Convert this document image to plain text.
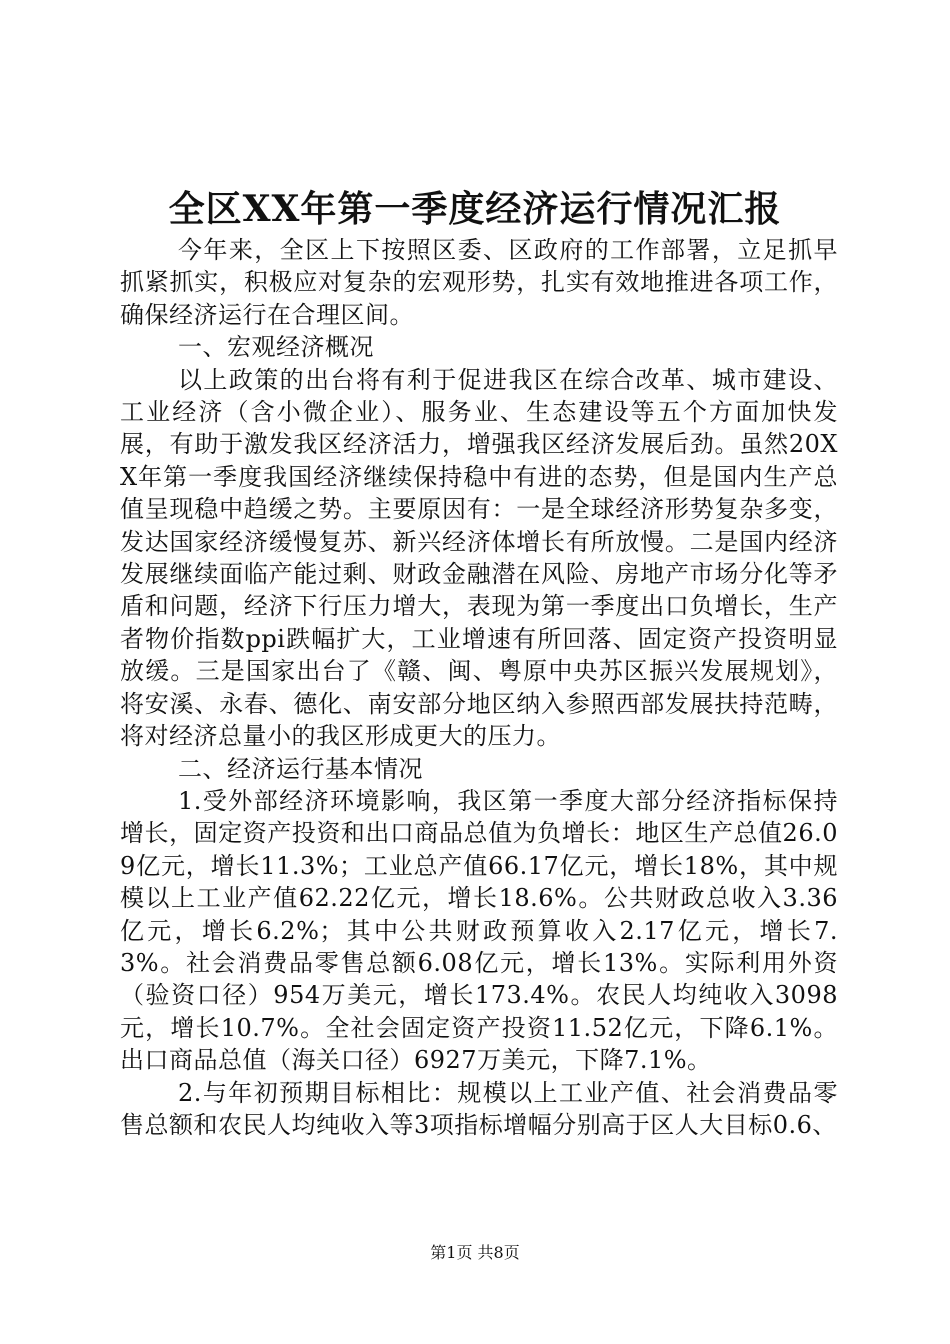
全区XX年第一季度经济运行情况汇报

今年来，全区上下按照区委、区政府的工作部署，立足抓早抓紧抓实，积极应对复杂的宏观形势，扎实有效地推进各项工作，确保经济运行在合理区间。

一、宏观经济概况

以上政策的出台将有利于促进我区在综合改革、城市建设、工业经济（含小微企业）、服务业、生态建设等五个方面加快发展，有助于激发我区经济活力，增强我区经济发展后劲。虽然20XX年第一季度我国经济继续保持稳中有进的态势，但是国内生产总值呈现稳中趋缓之势。主要原因有：一是全球经济形势复杂多变，发达国家经济缓慢复苏、新兴经济体增长有所放慢。二是国内经济发展继续面临产能过剩、财政金融潜在风险、房地产市场分化等矛盾和问题，经济下行压力增大，表现为第一季度出口负增长，生产者物价指数ppi跌幅扩大，工业增速有所回落、固定资产投资明显放缓。三是国家出台了《赣、闽、粤原中央苏区振兴发展规划》，将安溪、永春、德化、南安部分地区纳入参照西部发展扶持范畴，将对经济总量小的我区形成更大的压力。

二、经济运行基本情况

1.受外部经济环境影响，我区第一季度大部分经济指标保持增长，固定资产投资和出口商品总值为负增长：地区生产总值26.09亿元，增长11.3%；工业总产值66.17亿元，增长18%，其中规模以上工业产值62.22亿元，增长18.6%。公共财政总收入3.36亿元，增长6.2%；其中公共财政预算收入2.17亿元，增长7.3%。社会消费品零售总额6.08亿元，增长13%。实际利用外资（验资口径）954万美元，增长173.4%。农民人均纯收入3098元，增长10.7%。全社会固定资产投资11.52亿元，下降6.1%。出口商品总值（海关口径）6927万美元，下降7.1%。

2.与年初预期目标相比：规模以上工业产值、社会消费品零售总额和农民人均纯收入等3项指标增幅分别高于区人大目标0.6、

第1页 共8页
